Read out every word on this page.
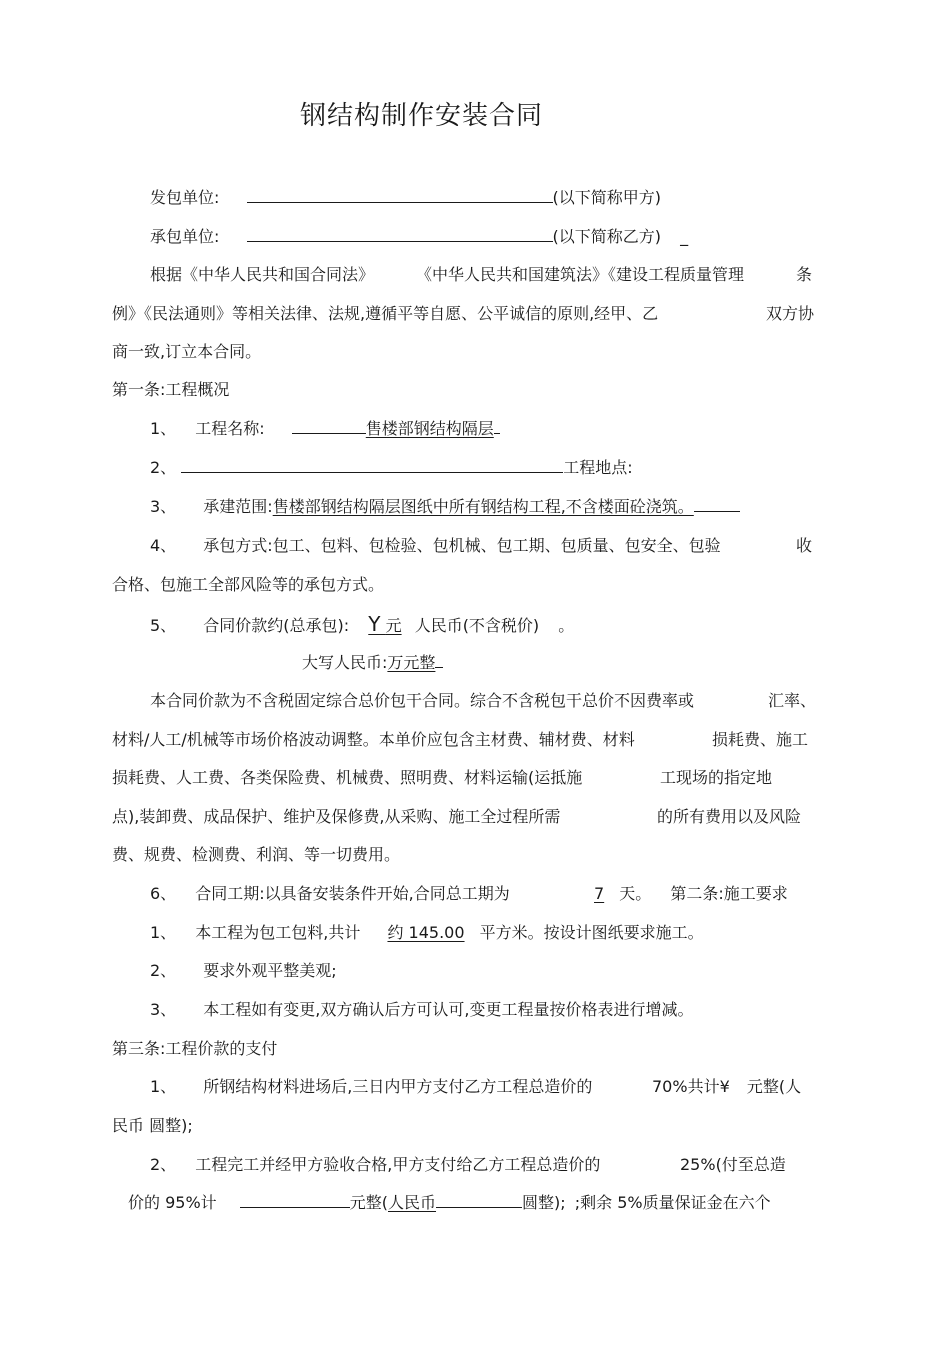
钢结构制作安装合同
发包单位:	(以下简称甲方)
承包单位:	(以下简称乙方) _
根据《中华人民共和国合同法》	《中华人民共和国建筑法》《建设工程质量管理	条
例》《民法通则》等相关法律、法规,遵循平等自愿、公平诚信的原则,经甲、乙	双方协
商一致,订立本合同。
第一条:工程概况
1、 工程名称:	售楼部钢结构隔层
2、	工程地点:
3、 承建范围:售楼部钢结构隔层图纸中所有钢结构工程,不含楼面砼浇筑。
4、 承包方式:包工、包料、包检验、包机械、包工期、包质量、包安全、包验	收
合格、包施工全部风险等的承包方式。
5、 合同价款约(总承包): Y 元 人民币(不含税价) 。
大写人民币:万元整
本合同价款为不含税固定综合总价包干合同。综合不含税包干总价不因费率或	汇率、
材料/人工/机械等市场价格波动调整。本单价应包含主材费、辅材费、材料	损耗费、施工
损耗费、人工费、各类保险费、机械费、照明费、材料运输(运抵施	工现场的指定地
点),装卸费、成品保护、维护及保修费,从采购、施工全过程所需	的所有费用以及风险
费、规费、检测费、利润、等一切费用。
6、 合同工期:以具备安装条件开始,合同总工期为	7 天。 第二条:施工要求
1、 本工程为包工包料,共计 约 145.00 平方米。按设计图纸要求施工。
2、 要求外观平整美观;
3、 本工程如有变更,双方确认后方可认可,变更工程量按价格表进行增减。
第三条:工程价款的支付
1、 所钢结构材料进场后,三日内甲方支付乙方工程总造价的	70%共计¥ 元整(人
民币 圆整);
2、 工程完工并经甲方验收合格,甲方支付给乙方工程总造价的	25%(付至总造
价的 95%计	元整(人民币	圆整); ;剩余 5%质量保证金在六个
